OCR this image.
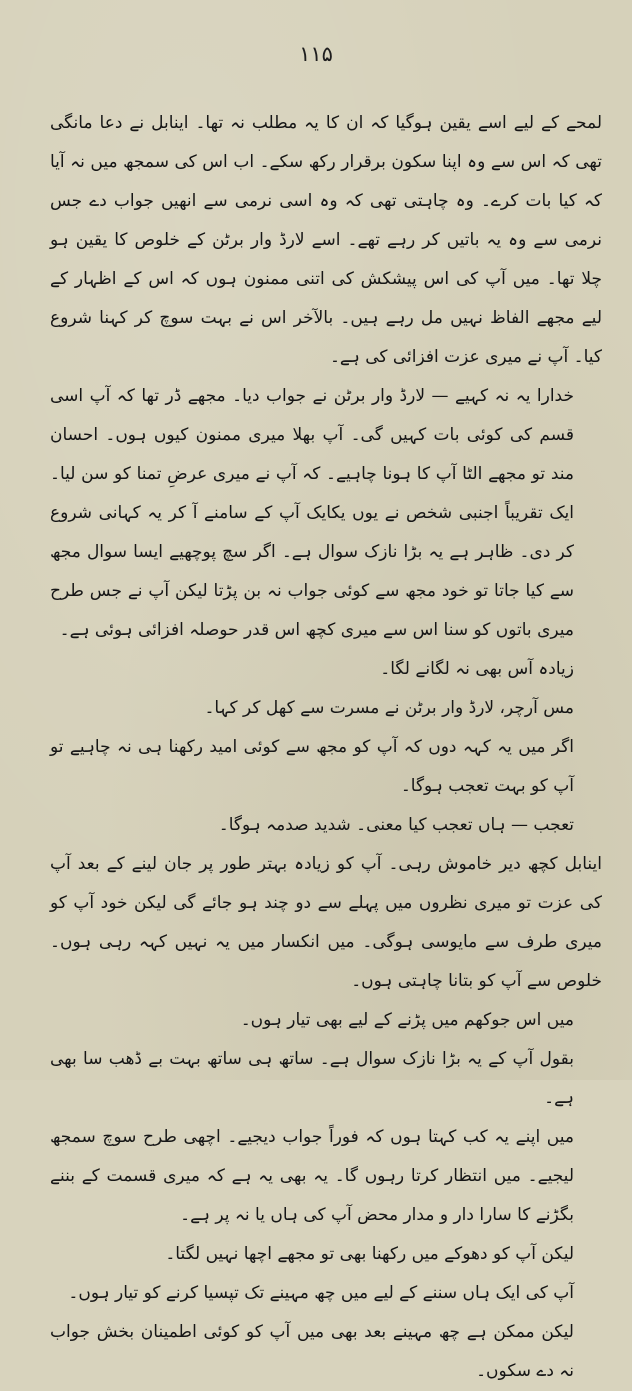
۱۱۵

لمحے کے لیے اسے یقین ہوگیا کہ ان کا یہ مطلب نہ تھا۔ اینابل نے دعا مانگی تھی کہ اس سے وہ اپنا سکون برقرار رکھ سکے۔ اب اس کی سمجھ میں نہ آیا کہ کیا بات کرے۔ وہ چاہتی تھی کہ وہ اسی نرمی سے انھیں جواب دے جس نرمی سے وہ یہ باتیں کر رہے تھے۔ اسے لارڈ وار برٹن کے خلوص کا یقین ہو چلا تھا۔ میں آپ کی اس پیشکش کی اتنی ممنون ہوں کہ اس کے اظہار کے لیے مجھے الفاظ نہیں مل رہے ہیں۔ بالآخر اس نے بہت سوچ کر کہنا شروع کیا۔ آپ نے میری عزت افزائی کی ہے۔

خدارا یہ نہ کہیے — لارڈ وار برٹن نے جواب دیا۔ مجھے ڈر تھا کہ آپ اسی قسم کی کوئی بات کہیں گی۔ آپ بھلا میری ممنون کیوں ہوں۔ احسان مند تو مجھے الٹا آپ کا ہونا چاہیے۔ کہ آپ نے میری عرضِ تمنا کو سن لیا۔ ایک تقریباً اجنبی شخص نے یوں یکایک آپ کے سامنے آ کر یہ کہانی شروع کر دی۔ ظاہر ہے یہ بڑا نازک سوال ہے۔ اگر سچ پوچھیے ایسا سوال مجھ سے کیا جاتا تو خود مجھ سے کوئی جواب نہ بن پڑتا لیکن آپ نے جس طرح میری باتوں کو سنا اس سے میری کچھ اس قدر حوصلہ افزائی ہوئی ہے۔

زیادہ آس بھی نہ لگانے لگا۔

مس آرچر، لارڈ وار برٹن نے مسرت سے کھل کر کہا۔

اگر میں یہ کہہ دوں کہ آپ کو مجھ سے کوئی امید رکھنا ہی نہ چاہیے تو آپ کو بہت تعجب ہوگا۔

تعجب — ہاں تعجب کیا معنی۔ شدید صدمہ ہوگا۔

اینابل کچھ دیر خاموش رہی۔ آپ کو زیادہ بہتر طور پر جان لینے کے بعد آپ کی عزت تو میری نظروں میں پہلے سے دو چند ہو جائے گی لیکن خود آپ کو میری طرف سے مایوسی ہوگی۔ میں انکسار میں یہ نہیں کہہ رہی ہوں۔ خلوص سے آپ کو بتانا چاہتی ہوں۔

میں اس جوکھم میں پڑنے کے لیے بھی تیار ہوں۔

بقول آپ کے یہ بڑا نازک سوال ہے۔ ساتھ ہی ساتھ بہت بے ڈھب سا بھی ہے۔

میں اپنے یہ کب کہتا ہوں کہ فوراً جواب دیجیے۔ اچھی طرح سوچ سمجھ لیجیے۔ میں انتظار کرتا رہوں گا۔ یہ بھی یہ ہے کہ میری قسمت کے بننے بگڑنے کا سارا دار و مدار محض آپ کی ہاں یا نہ پر ہے۔

لیکن آپ کو دھوکے میں رکھنا بھی تو مجھے اچھا نہیں لگتا۔

آپ کی ایک ہاں سننے کے لیے میں چھ مہینے تک تپسیا کرنے کو تیار ہوں۔

لیکن ممکن ہے چھ مہینے بعد بھی میں آپ کو کوئی اطمینان بخش جواب نہ دے سکوں۔
